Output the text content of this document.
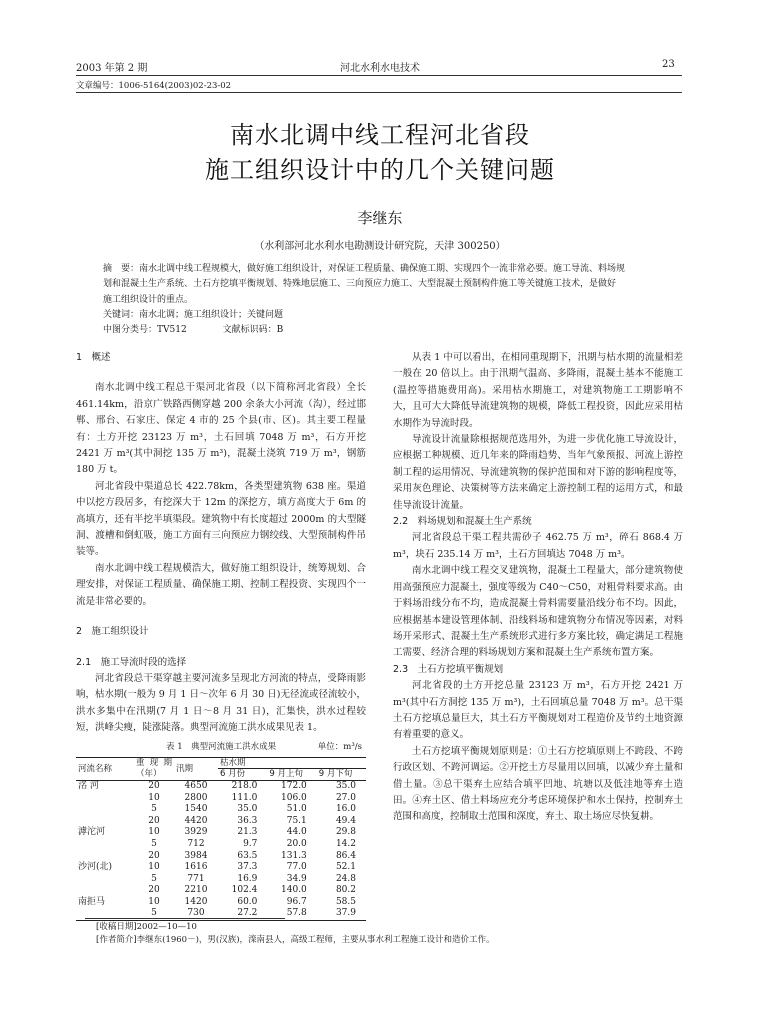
2003 年第 2 期	河北水利水电技术	23
文章编号：1006-5164(2003)02-23-02
南水北调中线工程河北省段
施工组织设计中的几个关键问题
李继东
（水利部河北水利水电勘测设计研究院，天津 300250）
摘　要：南水北调中线工程规模大，做好施工组织设计，对保证工程质量、确保施工期、实现四个一流非常必要。施工导流、料场规
划和混凝土生产系统、土石方挖填平衡规划、特殊地层施工、三向预应力施工、大型混凝土预制构件施工等关键施工技术，是做好
施工组织设计的重点。
关键词：南水北调；施工组织设计；关键问题
中图分类号：TV512　　　　文献标识码：B

1　概述

南水北调中线工程总干渠河北省段（以下简称河北省段）全长 461.14km，沿京广铁路西侧穿越 200 余条大小河流（沟），经过邯郸、邢台、石家庄、保定 4 市的 25 个县(市、区)。其主要工程量有：土方开挖 23123 万 m³，土石回填 7048 万 m³，石方开挖 2421 万 m³(其中洞挖 135 万 m³)，混凝土浇筑 719 万 m³，钢筋 180 万 t。

河北省段中渠道总长 422.78km，各类型建筑物 638 座。渠道中以挖方段居多，有挖深大于 12m 的深挖方，填方高度大于 6m 的高填方，还有半挖半填渠段。建筑物中有长度超过 2000m 的大型隧洞、渡槽和倒虹吸，施工方面有三向预应力钢绞线、大型预制构件吊装等。

南水北调中线工程规模浩大，做好施工组织设计，统筹规划、合理安排，对保证工程质量、确保施工期、控制工程投资、实现四个一流是非常必要的。

2　施工组织设计

2.1　施工导流时段的选择

河北省段总干渠穿越主要河流多呈现北方河流的特点，受降雨影响，枯水期(一般为 9 月 1 日～次年 6 月 30 日)无径流或径流较小，洪水多集中在汛期(7 月 1 日～8 月 31 日)，汇集快，洪水过程较短，洪峰尖瘦，陡涨陡落。典型河流施工洪水成果见表 1。

表 1　典型河流施工洪水成果	单位：m³/s
河流名称	重现期（年）	汛期	枯水期		
			6 月份	9 月上旬	9 月下旬
洺 河	20	4650	218.0	172.0	35.0
	10	2800	111.0	106.0	27.0
	5	1540	35.0	51.0	16.0
	20	4420	36.3	75.1	49.4
滹沱河	10	3929	21.3	44.0	29.8
	5	712	9.7	20.0	14.2
	20	3984	63.5	131.3	86.4
沙河(北)	10	1616	37.3	77.0	52.1
	5	771	16.9	34.9	24.8
	20	2210	102.4	140.0	80.2
南拒马	10	1420	60.0	96.7	58.5
	5	730	27.2	57.8	37.9

从表 1 中可以看出，在相同重现期下，汛期与枯水期的流量相差一般在 20 倍以上。由于汛期气温高、多降雨，混凝土基本不能施工(温控等措施费用高)。采用枯水期施工，对建筑物施工工期影响不大，且可大大降低导流建筑物的规模，降低工程投资，因此应采用枯水期作为导流时段。

导流设计流量除根据规范选用外，为进一步优化施工导流设计，应根据工种规模、近几年来的降雨趋势、当年气象预报、河流上游控制工程的运用情况、导流建筑物的保护范围和对下游的影响程度等，采用灰色理论、决策树等方法来确定上游控制工程的运用方式，和最佳导流设计流量。

2.2　料场规划和混凝土生产系统

河北省段总干渠工程共需砂子 462.75 万 m³，碎石 868.4 万 m³，块石 235.14 万 m³，土石方回填达 7048 万 m³。

南水北调中线工程交叉建筑物，混凝土工程量大，部分建筑物使用高强预应力混凝土，强度等级为 C40～C50，对粗骨料要求高。由于料场沿线分布不均，造成混凝土骨料需要量沿线分布不均。因此，应根据基本建设管理体制、沿线料场和建筑物分布情况等因素，对料场开采形式、混凝土生产系统形式进行多方案比较，确定满足工程施工需要、经济合理的料场规划方案和混凝土生产系统布置方案。

2.3　土石方挖填平衡规划

河北省段的土方开挖总量 23123 万 m³，石方开挖 2421 万 m³(其中石方洞挖 135 万 m³)，土石回填总量 7048 万 m³。总干渠土石方挖填总量巨大，其土石方平衡规划对工程造价及节约土地资源有着重要的意义。

土石方挖填平衡规划原则是：①土石方挖填原则上不跨段、不跨行政区划、不跨河调运。②开挖土方尽量用以回填，以减少弃土量和借土量。③总干渠弃土应结合填平凹地、坑塘以及低洼地等弃土造田。④弃土区、借土料场应充分考虑环境保护和水土保持，控制弃土范围和高度，控制取土范围和深度，弃土、取土场应尽快复耕。

[收稿日期]2002—10—10
[作者简介]李继东(1960－)，男(汉族)，滦南县人，高级工程师，主要从事水利工程施工设计和造价工作。
